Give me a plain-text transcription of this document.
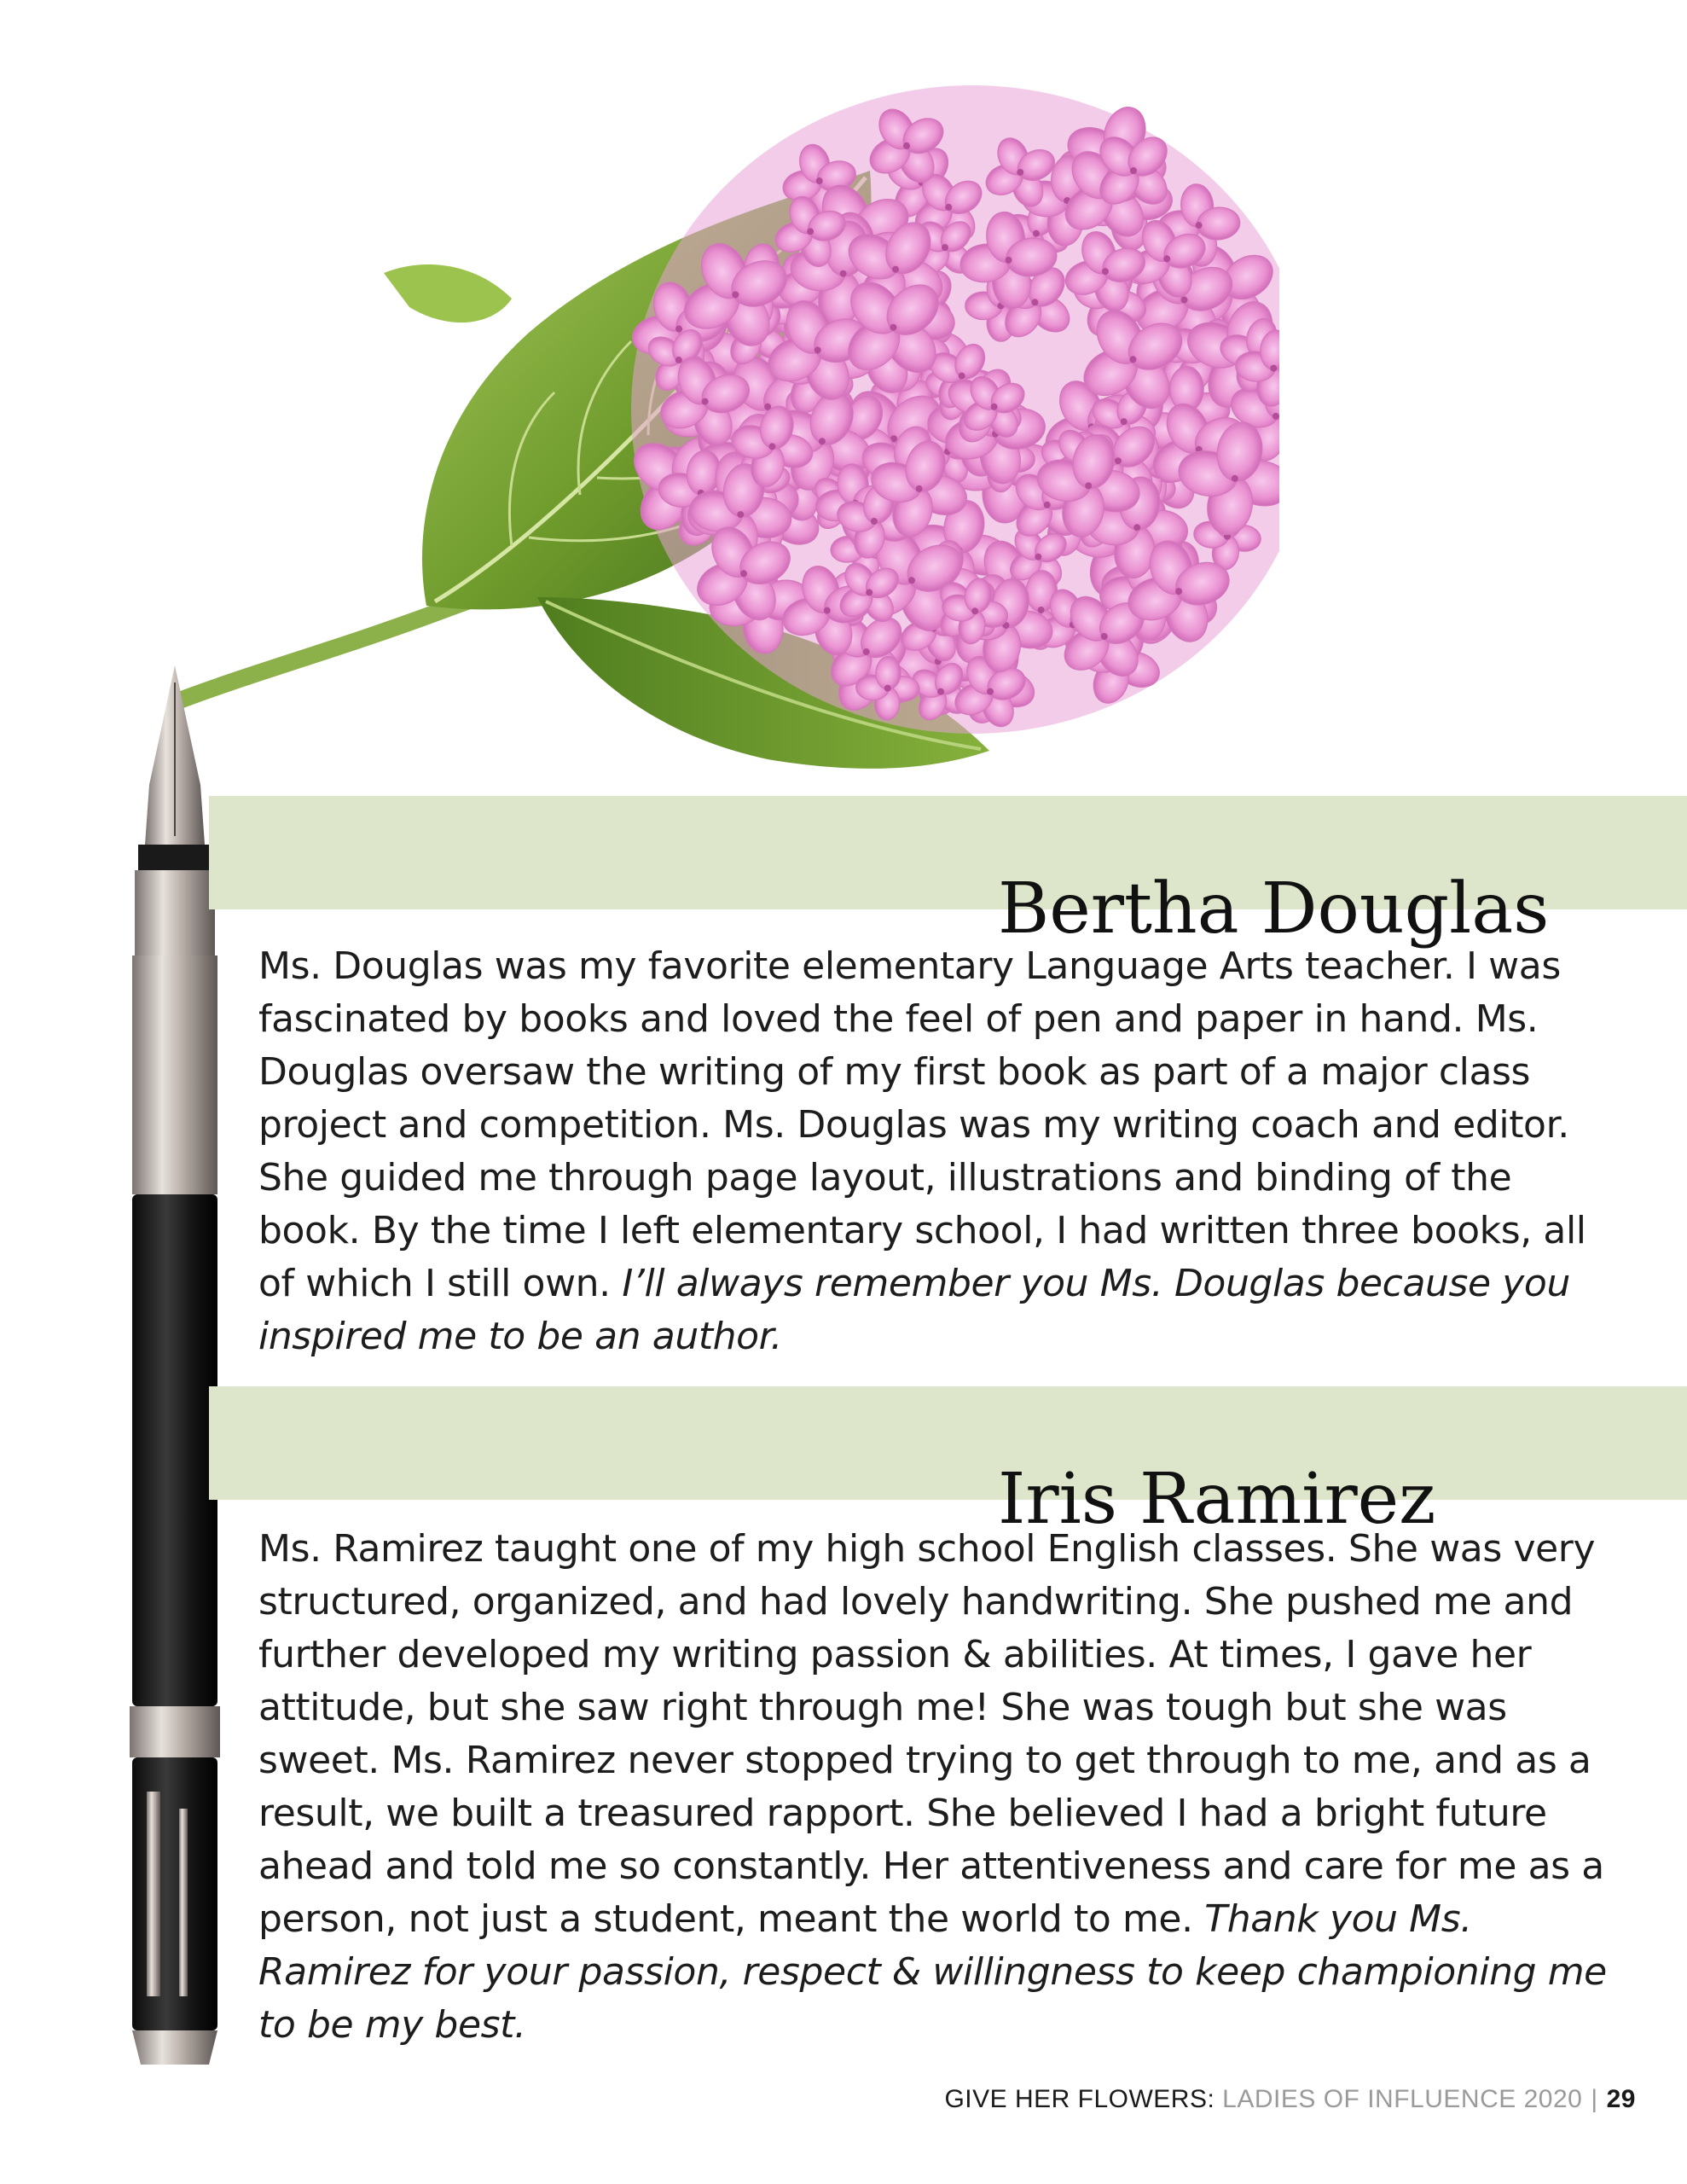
Bertha Douglas

Ms. Douglas was my favorite elementary Language Arts teacher. I was fascinated by books and loved the feel of pen and paper in hand. Ms. Douglas oversaw the writing of my first book as part of a major class project and competition. Ms. Douglas was my writing coach and editor. She guided me through page layout, illustrations and binding of the book. By the time I left elementary school, I had written three books, all of which I still own. I’ll always remember you Ms. Douglas because you inspired me to be an author.

Iris Ramirez

Ms. Ramirez taught one of my high school English classes. She was very structured, organized, and had lovely handwriting. She pushed me and further developed my writing passion & abilities. At times, I gave her attitude, but she saw right through me! She was tough but she was sweet. Ms. Ramirez never stopped trying to get through to me, and as a result, we built a treasured rapport. She believed I had a bright future ahead and told me so constantly. Her attentiveness and care for me as a person, not just a student, meant the world to me. Thank you Ms. Ramirez for your passion, respect & willingness to keep championing me to be my best.

GIVE HER FLOWERS: LADIES OF INFLUENCE 2020 | 29
